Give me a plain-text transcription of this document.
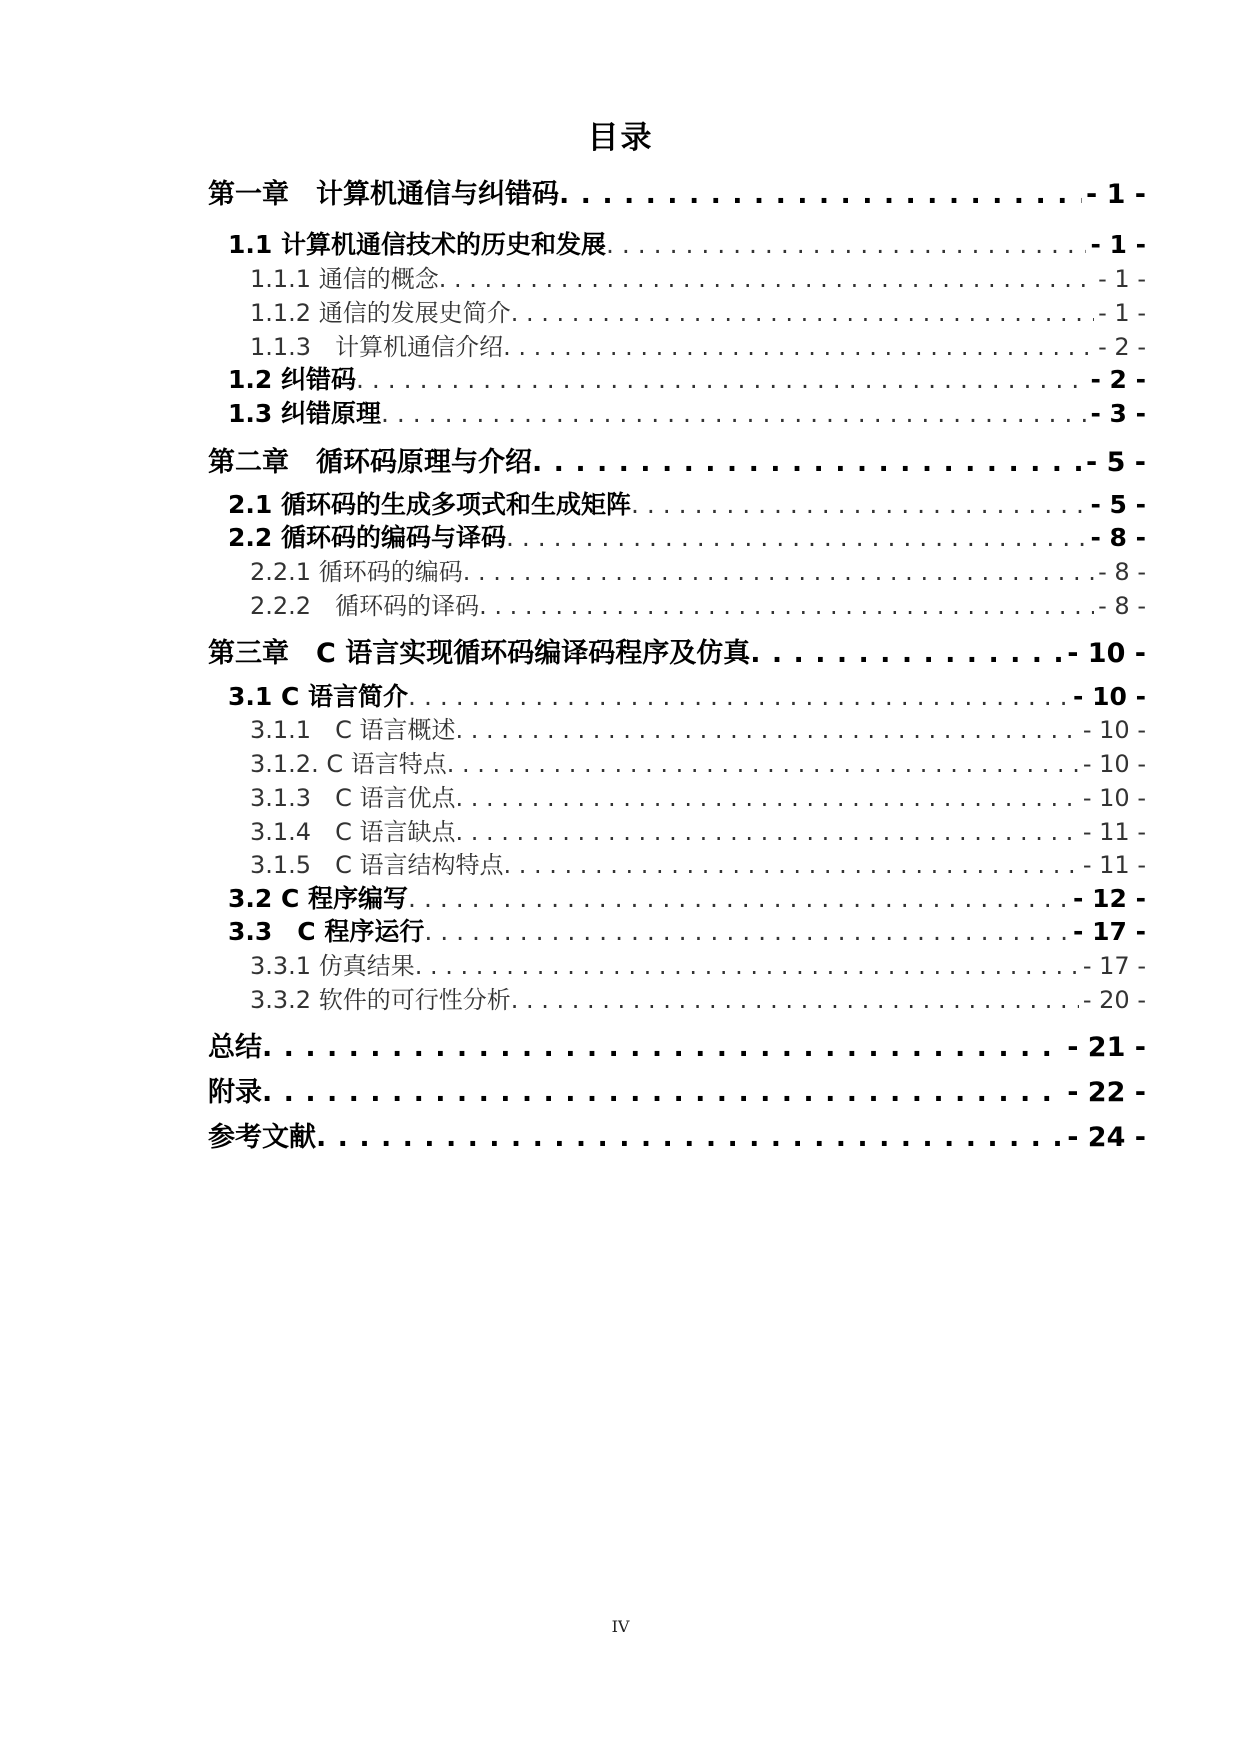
目录
第一章　计算机通信与纠错码 . . .	- 1 -
1.1 计算机通信技术的历史和发展 . . .	- 1 -
1.1.1 通信的概念 . . .	- 1 -
1.1.2 通信的发展史简介 . . .	- 1 -
1.1.3　计算机通信介绍 . . .	- 2 -
1.2 纠错码 . . .	- 2 -
1.3 纠错原理 . . .	- 3 -
第二章　循环码原理与介绍 . . .	- 5 -
2.1 循环码的生成多项式和生成矩阵 . . .	- 5 -
2.2 循环码的编码与译码 . . .	- 8 -
2.2.1 循环码的编码 . . .	- 8 -
2.2.2　循环码的译码 . . .	- 8 -
第三章　C 语言实现循环码编译码程序及仿真 . . .	- 10 -
3.1 C 语言简介 . . .	- 10 -
3.1.1　C 语言概述 . . .	- 10 -
3.1.2. C 语言特点 . . .	- 10 -
3.1.3　C 语言优点 . . .	- 10 -
3.1.4　C 语言缺点 . . .	- 11 -
3.1.5　C 语言结构特点 . . .	- 11 -
3.2 C 程序编写 . . .	- 12 -
3.3　C 程序运行 . . .	- 17 -
3.3.1 仿真结果 . . .	- 17 -
3.3.2 软件的可行性分析 . . .	- 20 -
总结 . . .	- 21 -
附录 . . .	- 22 -
参考文献 . . .	- 24 -
IV
